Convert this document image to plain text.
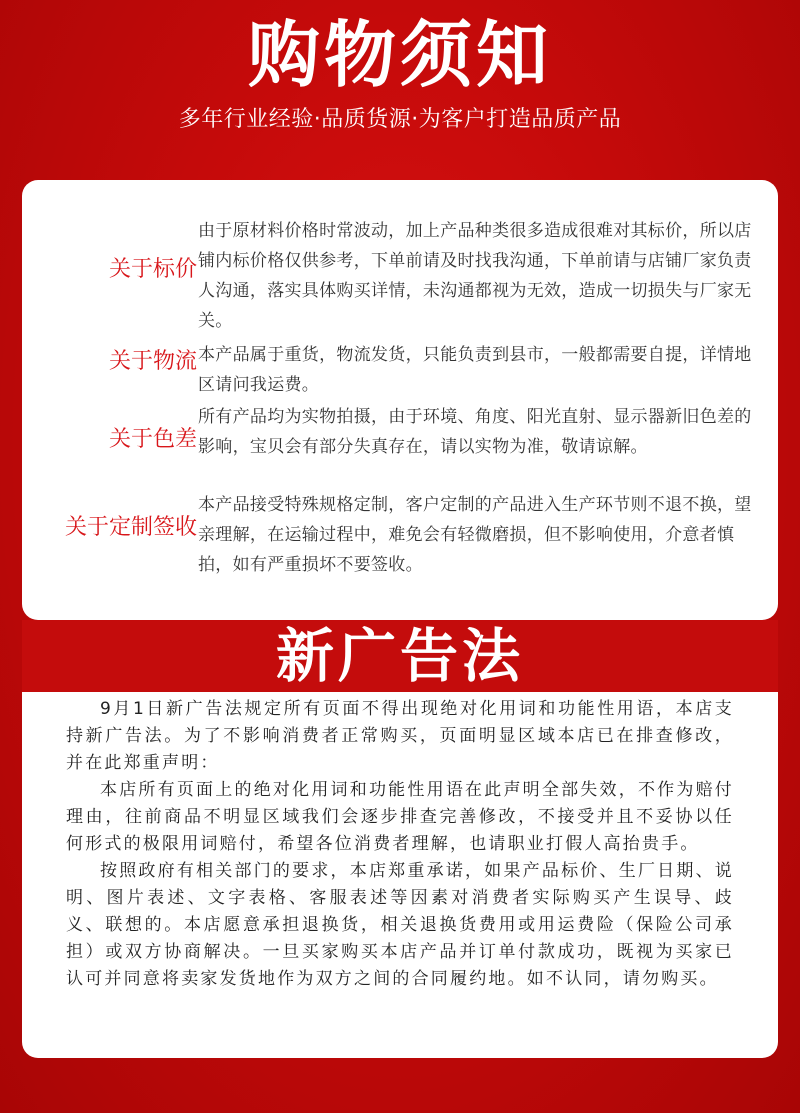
购物须知
多年行业经验·品质货源·为客户打造品质产品
关于标价
由于原材料价格时常波动，加上产品种类很多造成很难对其标价，所以店铺内标价格仅供参考，下单前请及时找我沟通，下单前请与店铺厂家负责人沟通，落实具体购买详情，未沟通都视为无效，造成一切损失与厂家无关。
关于物流 本产品属于重货，物流发货，只能负责到县市，一般都需要自提，详情地区请问我运费。
关于色差
所有产品均为实物拍摄，由于环境、角度、阳光直射、显示器新旧色差的影响，宝贝会有部分失真存在，请以实物为准，敬请谅解。
关于定制签收
本产品接受特殊规格定制，客户定制的产品进入生产环节则不退不换，望亲理解，在运输过程中，难免会有轻微磨损，但不影响使用，介意者慎拍，如有严重损坏不要签收。
新广告法

9月1日新广告法规定所有页面不得出现绝对化用词和功能性用语，本店支持新广告法。为了不影响消费者正常购买，页面明显区域本店已在排查修改，并在此郑重声明：

本店所有页面上的绝对化用词和功能性用语在此声明全部失效，不作为赔付理由，往前商品不明显区域我们会逐步排查完善修改，不接受并且不妥协以任何形式的极限用词赔付，希望各位消费者理解，也请职业打假人高抬贵手。

按照政府有相关部门的要求，本店郑重承诺，如果产品标价、生厂日期、说明、图片表述、文字表格、客服表述等因素对消费者实际购买产生误导、歧义、联想的。本店愿意承担退换货，相关退换货费用或用运费险（保险公司承担）或双方协商解决。一旦买家购买本店产品并订单付款成功，既视为买家已认可并同意将卖家发货地作为双方之间的合同履约地。如不认同，请勿购买。
